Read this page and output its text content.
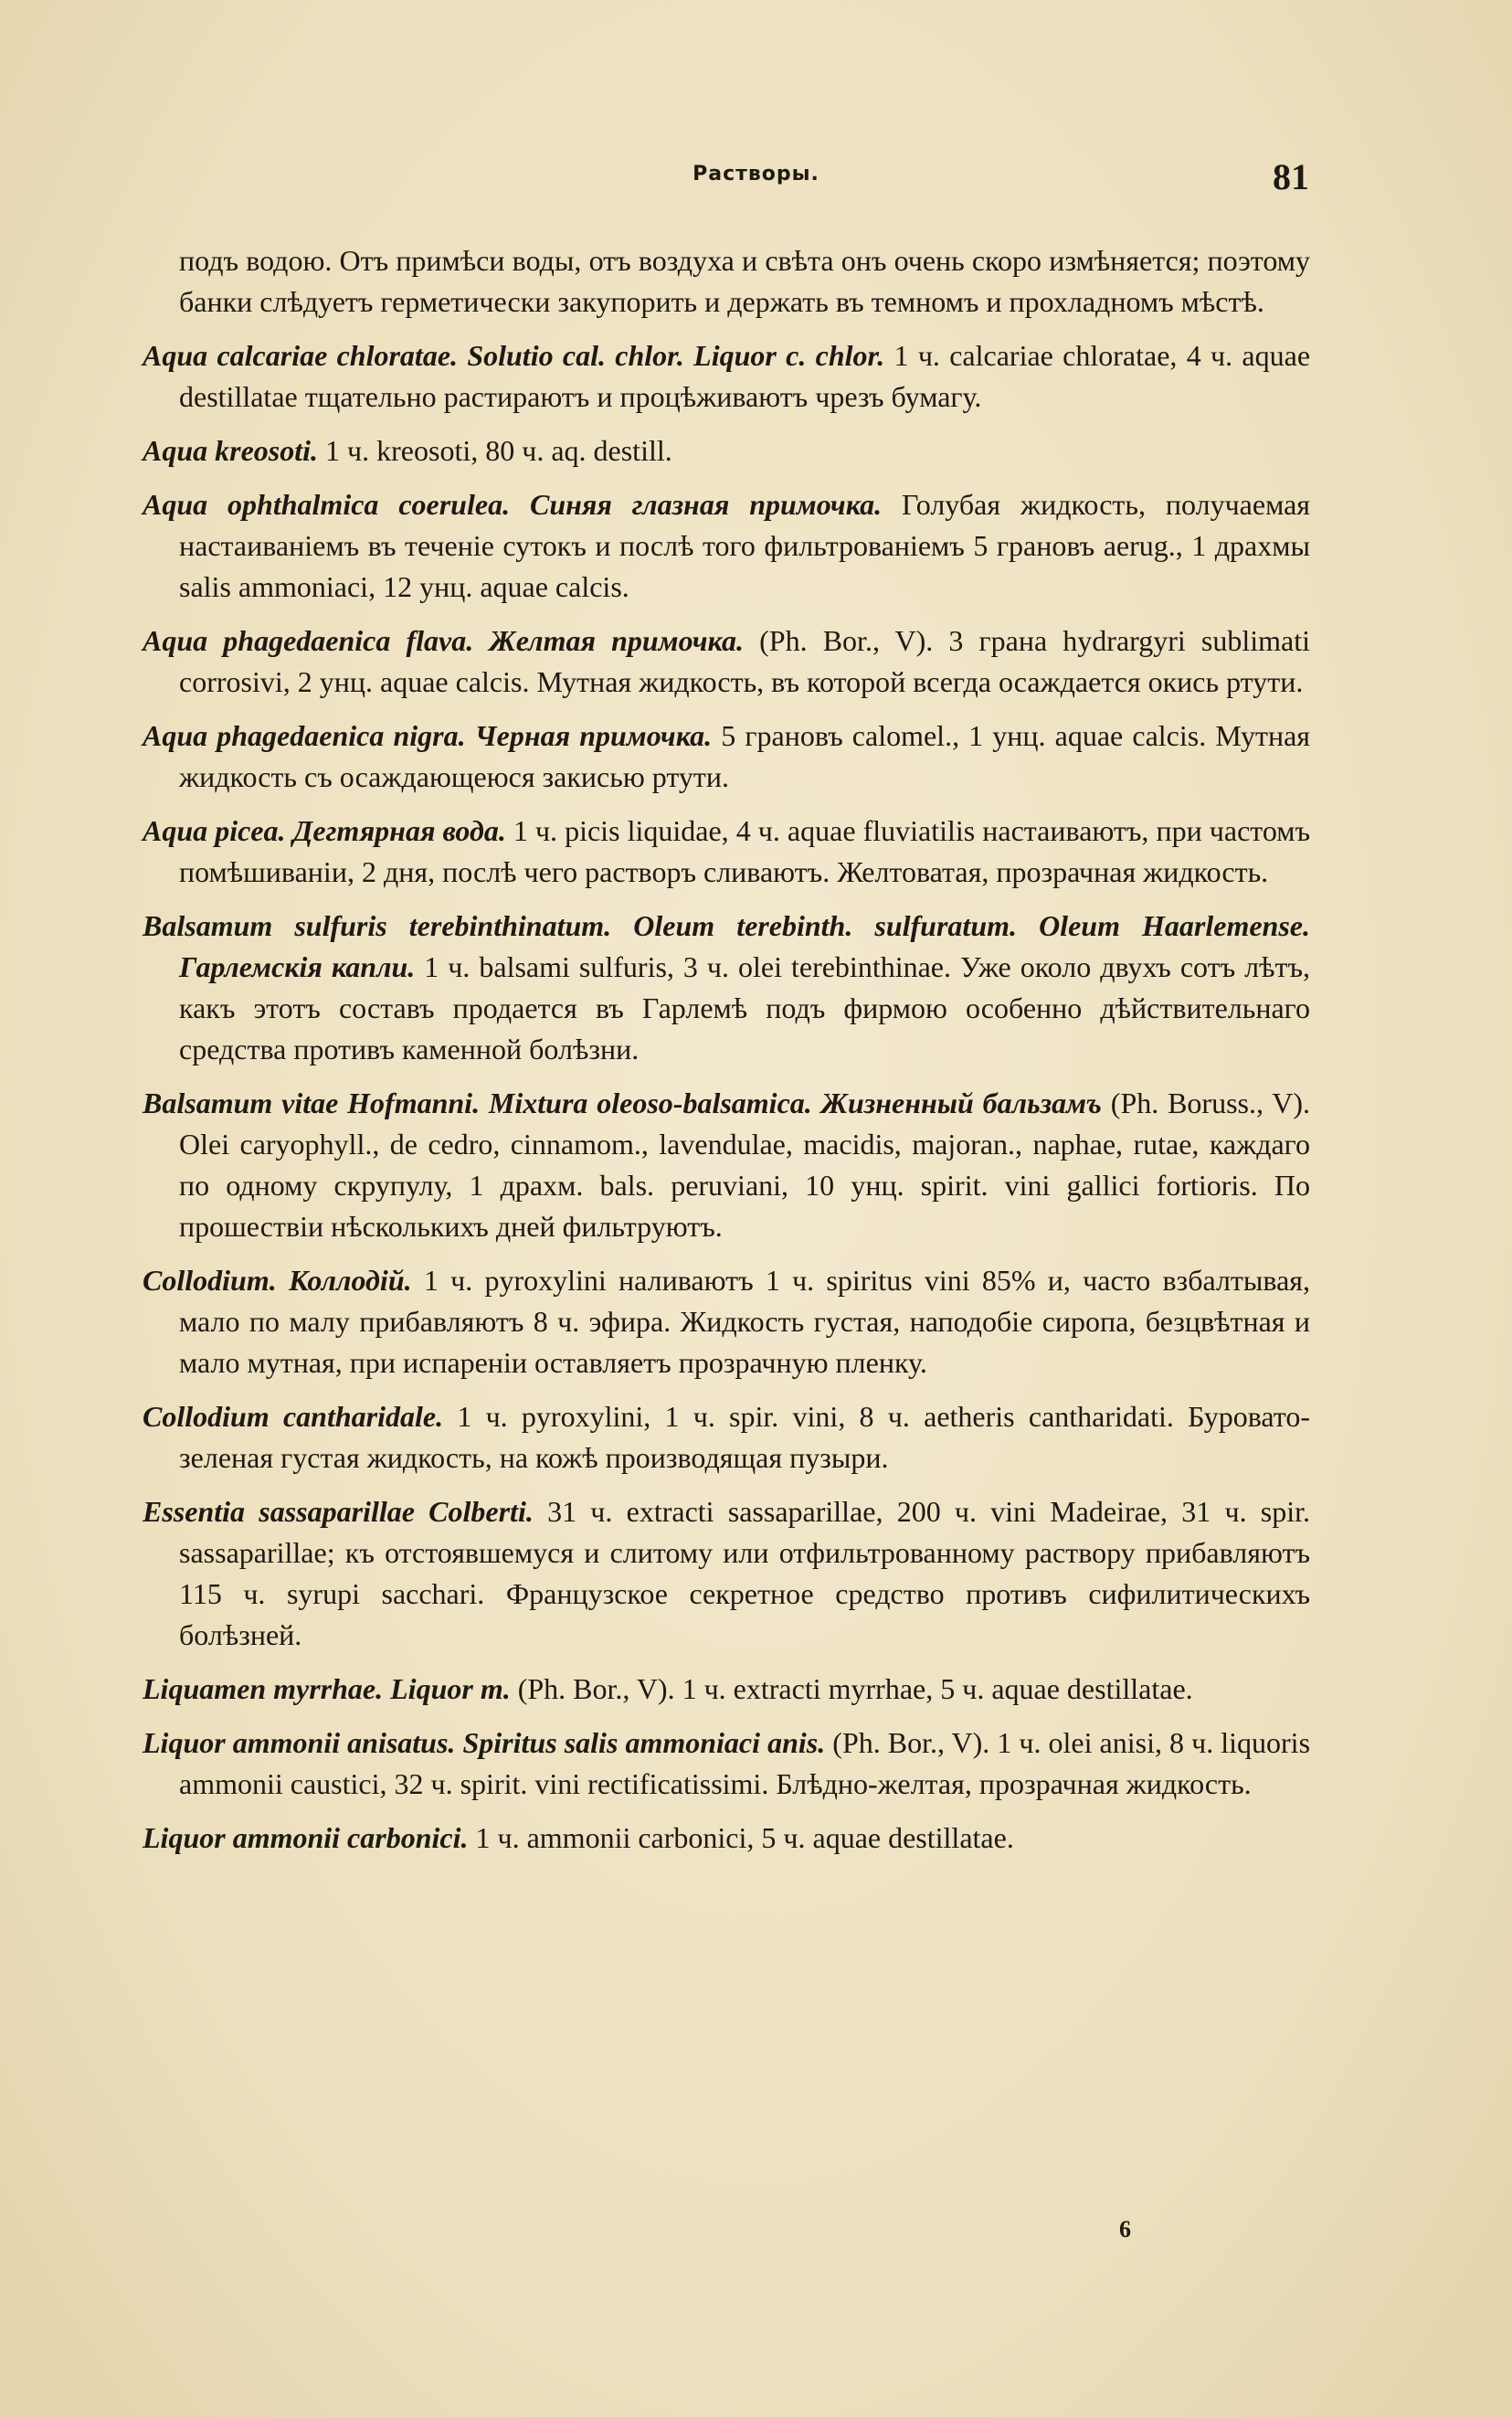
Растворы.	81

подъ водою. Отъ примѣси воды, отъ воздуха и свѣта онъ очень скоро измѣняется; поэтому банки слѣдуетъ герметически закупорить и держать въ темномъ и прохладномъ мѣстѣ.

Aqua calcariae chloratae. Solutio cal. chlor. Liquor c. chlor. 1 ч. calcariae chloratae, 4 ч. aquae destillatae тщательно растираютъ и процѣживаютъ чрезъ бумагу.

Aqua kreosoti. 1 ч. kreosoti, 80 ч. aq. destill.

Aqua ophthalmica coerulea. Синяя глазная примочка. Голубая жидкость, получаемая настаиваніемъ въ теченіе сутокъ и послѣ того фильтрованіемъ 5 грановъ aerug., 1 драхмы salis ammoniaci, 12 унц. aquae calcis.

Aqua phagedaenica flava. Желтая примочка. (Ph. Bor., V). 3 грана hydrargyri sublimati corrosivi, 2 унц. aquae calcis. Мутная жидкость, въ которой всегда осаждается окись ртути.

Aqua phagedaenica nigra. Черная примочка. 5 грановъ calomel., 1 унц. aquae calcis. Мутная жидкость съ осаждающеюся закисью ртути.

Aqua picea. Дегтярная вода. 1 ч. picis liquidae, 4 ч. aquae fluviatilis настаиваютъ, при частомъ помѣшиваніи, 2 дня, послѣ чего растворъ сливаютъ. Желтоватая, прозрачная жидкость.

Balsamum sulfuris terebinthinatum. Oleum terebinth. sulfuratum. Oleum Haarlemense. Гарлемскія капли. 1 ч. balsami sulfuris, 3 ч. olei terebinthinae. Уже около двухъ сотъ лѣтъ, какъ этотъ составъ продается въ Гарлемѣ подъ фирмою особенно дѣйствительнаго средства противъ каменной болѣзни.

Balsamum vitae Hofmanni. Mixtura oleoso-balsamica. Жизненный бальзамъ (Ph. Boruss., V). Olei caryophyll., de cedro, cinnamom., lavendulae, macidis, majoran., naphae, rutae, каждаго по одному скрупулу, 1 драхм. bals. peruviani, 10 унц. spirit. vini gallici fortioris. По прошествіи нѣсколькихъ дней фильтруютъ.

Collodium. Коллодій. 1 ч. pyroxylini наливаютъ 1 ч. spiritus vini 85% и, часто взбалтывая, мало по малу прибавляютъ 8 ч. эфира. Жидкость густая, наподобіе сиропа, безцвѣтная и мало мутная, при испареніи оставляетъ прозрачную пленку.

Collodium cantharidale. 1 ч. pyroxylini, 1 ч. spir. vini, 8 ч. aetheris cantharidati. Буровато-зеленая густая жидкость, на кожѣ производящая пузыри.

Essentia sassaparillae Colberti. 31 ч. extracti sassaparillae, 200 ч. vini Madeirae, 31 ч. spir. sassaparillae; къ отстоявшемуся и слитому или отфильтрованному раствору прибавляютъ 115 ч. syrupi sacchari. Французское секретное средство противъ сифилитическихъ болѣзней.

Liquamen myrrhae. Liquor m. (Ph. Bor., V). 1 ч. extracti myrrhae, 5 ч. aquae destillatae.

Liquor ammonii anisatus. Spiritus salis ammoniaci anis. (Ph. Bor., V). 1 ч. olei anisi, 8 ч. liquoris ammonii caustici, 32 ч. spirit. vini rectificatissimi. Блѣдно-желтая, прозрачная жидкость.

Liquor ammonii carbonici. 1 ч. ammonii carbonici, 5 ч. aquae destillatae.

6
